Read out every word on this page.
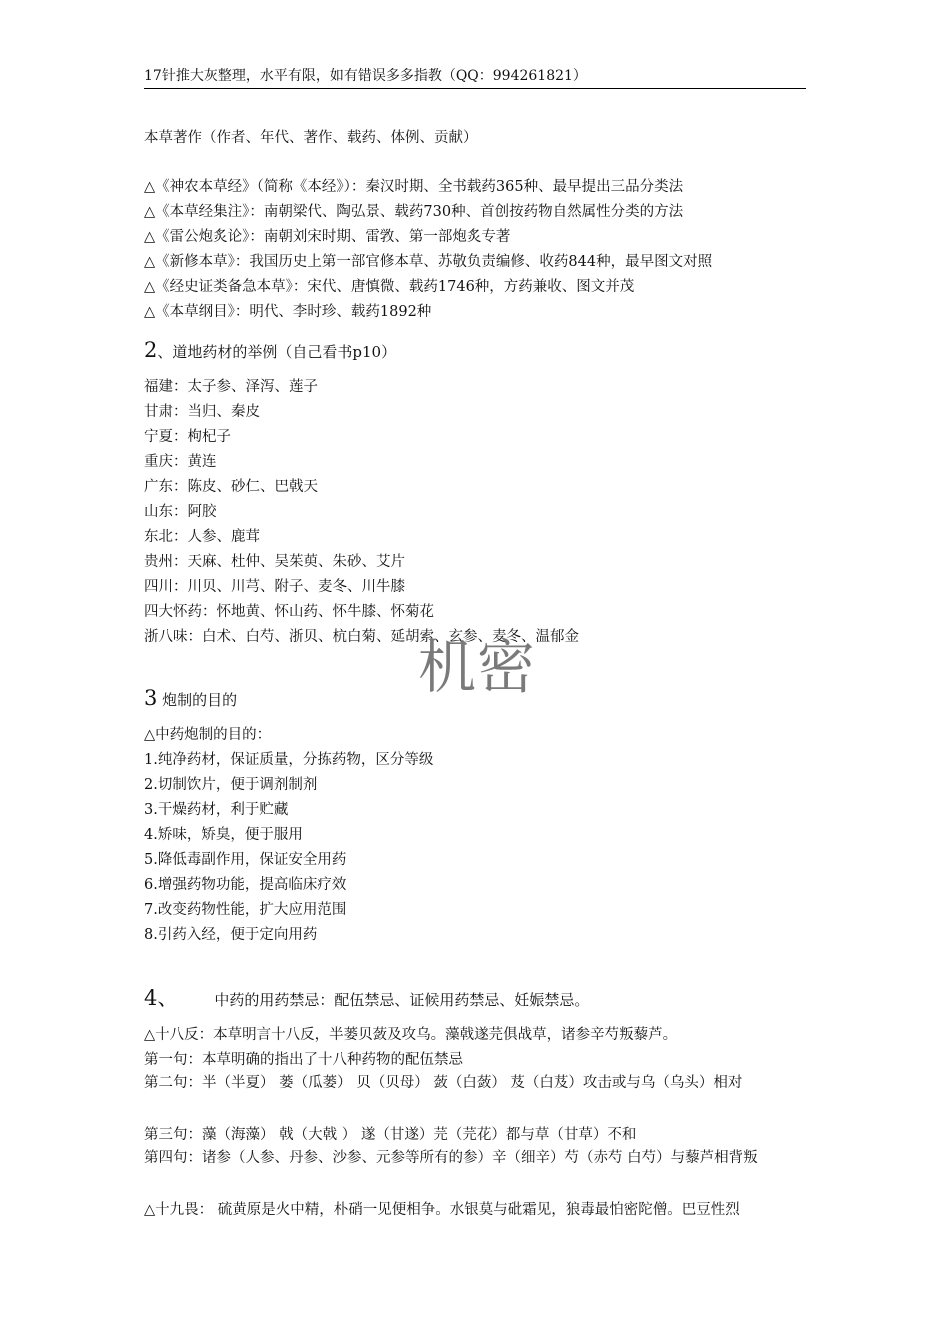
17针推大灰整理，水平有限，如有错误多多指教（QQ：994261821）
本草著作（作者、年代、著作、载药、体例、贡献）
△《神农本草经》（简称《本经》）：秦汉时期、全书载药365种、最早提出三品分类法
△《本草经集注》：南朝梁代、陶弘景、载药730种、首创按药物自然属性分类的方法
△《雷公炮炙论》：南朝刘宋时期、雷敩、第一部炮炙专著
△《新修本草》：我国历史上第一部官修本草、苏敬负责编修、收药844种，最早图文对照
△《经史证类备急本草》：宋代、唐慎微、载药1746种，方药兼收、图文并茂
△《本草纲目》：明代、李时珍、载药1892种
2、道地药材的举例（自己看书p10）
福建：太子参、泽泻、莲子
甘肃：当归、秦皮
宁夏：枸杞子
重庆：黄连
广东：陈皮、砂仁、巴戟天
山东：阿胶
东北：人参、鹿茸
贵州：天麻、杜仲、吴茱萸、朱砂、艾片
四川：川贝、川芎、附子、麦冬、川牛膝
四大怀药：怀地黄、怀山药、怀牛膝、怀菊花
浙八味：白术、白芍、浙贝、杭白菊、延胡索、玄参、麦冬、温郁金
机密
3 炮制的目的
△中药炮制的目的：
1.纯净药材，保证质量，分拣药物，区分等级
2.切制饮片，便于调剂制剂
3.干燥药材，利于贮藏
4.矫味，矫臭，便于服用
5.降低毒副作用，保证安全用药
6.增强药物功能，提高临床疗效
7.改变药物性能，扩大应用范围
8.引药入经，便于定向用药
4、 中药的用药禁忌：配伍禁忌、证候用药禁忌、妊娠禁忌。
△十八反：本草明言十八反，半蒌贝蔹及攻乌。藻戟遂芫俱战草，诸参辛芍叛藜芦。
第一句：本草明确的指出了十八种药物的配伍禁忌
第二句：半（半夏） 蒌（瓜蒌） 贝（贝母） 蔹（白蔹） 芨（白芨）攻击或与乌（乌头）相对
第三句：藻（海藻） 戟（大戟 ） 遂（甘遂）芫（芫花）都与草（甘草）不和
第四句：诸参（人参、丹参、沙参、元参等所有的参）辛（细辛）芍（赤芍 白芍）与藜芦相背叛
△十九畏： 硫黄原是火中精，朴硝一见便相争。水银莫与砒霜见，狼毒最怕密陀僧。巴豆性烈
